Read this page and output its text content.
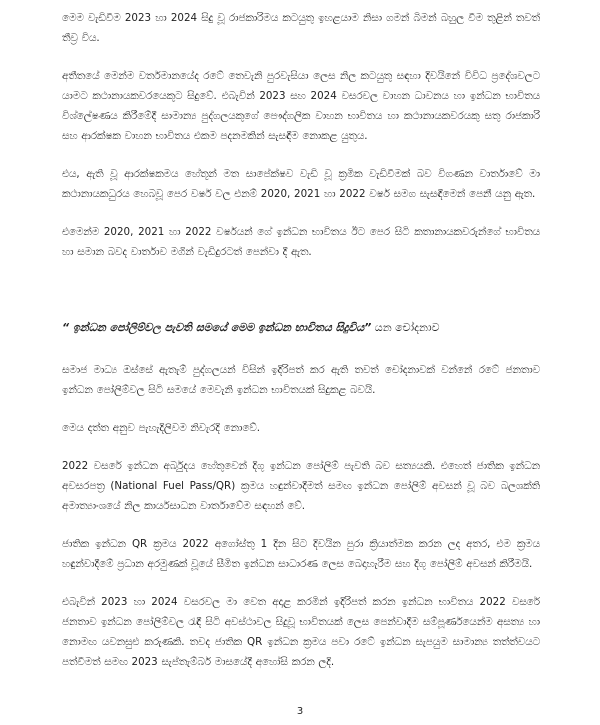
මෙම වැඩිවීම 2023 හා 2024 සිදු වූ රාජකාරිමය කටයුතු ඉහළයාම නිසා ගමන් බිමන් බහුල වීම තුළින් තවත් තීව්‍ර විය.

අතීතයේ මෙන්ම වර්තමානයේද රටේ තෙවැනි පුරවැසියා ලෙස නිල කටයුතු සඳහා දිවයිනේ විවිධ ප්‍රදේශවලට යාමට කථානායකවරයෙකුට සිදුවේ. එබැවින් 2023 සහ 2024 වසරවල වාහන ධාවනය හා ඉන්ධන භාවිතය විශ්ලේෂණය කිරීමේදී සාමාන්‍ය පුද්ගලයකුගේ පෞද්ගලික වාහන භාවිතය හා කථානායකවරයකු සතු රාජකාරි සහ ආරක්ෂක වාහන භාවිතය එකම පදනමකින් සැසඳීම නොකළ යුතුය.

එය, ඇති වූ ආරක්ෂකමය හේතූන් මත සාපේක්ෂව වැඩි වූ ක්‍රමික වැඩිවීමක් බව විගණන වාර්තාවේ මා කථානායකධුරය හෙබවූ පෙර වර්ෂ වල එනම් 2020, 2021 හා 2022 වර්ෂ සමග සැසඳීමෙන් පෙනී යනු ඇත.

එමෙන්ම 2020, 2021 හා 2022 වර්ෂයන් ගේ ඉන්ධන භාවිතය ඊට පෙර සිටි කතානායකවරුන්ගේ භාවිතය හා සමාන බවද වාර්තාව මගින් වැඩිදුරටත් පෙන්වා දී ඇත.

“ ඉන්ධන පෝලිම්වල පැවති සමයේ මෙම ඉන්ධන භාවිතය සිදුවිය” යන චෝදනාව

සමාජ මාධ්‍ය ඔස්සේ ඇතැම් පුද්ගලයන් විසින් ඉදිරිපත් කර ඇති තවත් චෝදනාවක් වන්නේ රටේ ජනතාව ඉන්ධන පෝලිම්වල සිටි සමයේ මෙවැනි ඉන්ධන භාවිතයක් සිදුකළ බවයි.

මෙය දත්ත අනුව පැහැදිලිවම නිවැරදි නොවේ.

2022 වසරේ ඉන්ධන අර්බුදය හේතුවෙන් දිගු ඉන්ධන පෝලිම් පැවති බව සත්‍යයකි. එහෙත් ජාතික ඉන්ධන අවසරපත්‍ර (National Fuel Pass/QR) ක්‍රමය හඳුන්වාදීමත් සමඟ ඉන්ධන පෝලිම් අවසන් වූ බව බලශක්ති අමාත්‍යාංශයේ නිල කාර්යසාධන වාර්තාවේම සඳහන් වේ.

ජාතික ඉන්ධන QR ක්‍රමය 2022 අගෝස්තු 1 දින සිට දිවයින පුරා ක්‍රියාත්මක කරන ලද අතර, එම ක්‍රමය හඳුන්වාදීමේ ප්‍රධාන අරමුණක් වූයේ සීමිත ඉන්ධන සාධාරණ ලෙස බෙදාහැරීම සහ දිගු පෝලිම් අවසන් කිරීමයි.

එබැවින් 2023 හා 2024 වසරවල මා වෙත අදාළ කරමින් ඉදිරිපත් කරන ඉන්ධන භාවිතය 2022 වසරේ ජනතාව ඉන්ධන පෝලිම්වල රැඳී සිටි අවස්ථාවල සිදුවූ භාවිතයක් ලෙස පෙන්වාදීම සම්පූර්ණයෙන්ම අසත්‍ය හා නොමඟ යවනසුළු කරුණකි. තවද ජාතික QR ඉන්ධන ක්‍රමය පවා රටේ ඉන්ධන සැපයුම සාමාන්‍ය තත්ත්වයට පත්වීමත් සමඟ 2023 සැප්තැම්බර් මාසයේදී අහෝසි කරන ලදි.

3
